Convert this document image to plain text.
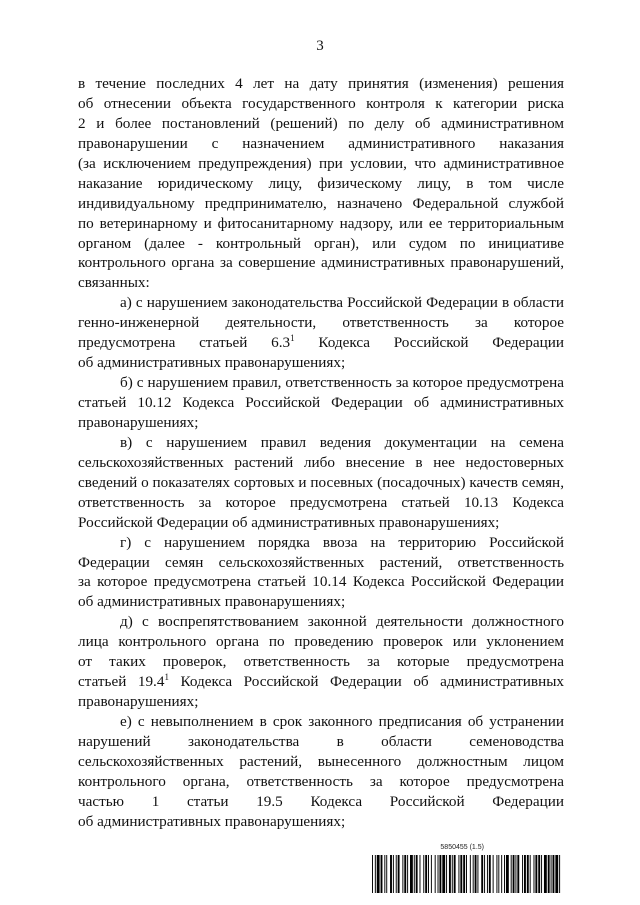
3
в течение последних 4 лет на дату принятия (изменения) решения
об отнесении объекта государственного контроля к категории риска
2 и более постановлений (решений) по делу об административном
правонарушении с назначением административного наказания
(за исключением предупреждения) при условии, что административное
наказание юридическому лицу, физическому лицу, в том числе
индивидуальному предпринимателю, назначено Федеральной службой
по ветеринарному и фитосанитарному надзору, или ее территориальным
органом (далее - контрольный орган), или судом по инициативе
контрольного органа за совершение административных правонарушений,
связанных:
а) с нарушением законодательства Российской Федерации в области
генно-инженерной деятельности, ответственность за которое
предусмотрена статьей $6.3^1$ Кодекса Российской Федерации
об административных правонарушениях;
б) с нарушением правил, ответственность за которое предусмотрена
статьей 10.12 Кодекса Российской Федерации об административных
правонарушениях;
в) с нарушением правил ведения документации на семена
сельскохозяйственных растений либо внесение в нее недостоверных
сведений о показателях сортовых и посевных (посадочных) качеств семян,
ответственность за которое предусмотрена статьей 10.13 Кодекса
Российской Федерации об административных правонарушениях;
г) с нарушением порядка ввоза на территорию Российской
Федерации семян сельскохозяйственных растений, ответственность
за которое предусмотрена статьей 10.14 Кодекса Российской Федерации
об административных правонарушениях;
д) с воспрепятствованием законной деятельности должностного
лица контрольного органа по проведению проверок или уклонением
от таких проверок, ответственность за которые предусмотрена
статьей 19.4$^1$ Кодекса Российской Федерации об административных
правонарушениях;
е) с невыполнением в срок законного предписания об устранении
нарушений законодательства в области семеноводства
сельскохозяйственных растений, вынесенного должностным лицом
контрольного органа, ответственность за которое предусмотрена
частью 1 статьи 19.5 Кодекса Российской Федерации
об административных правонарушениях;
5850455 (1.5)
